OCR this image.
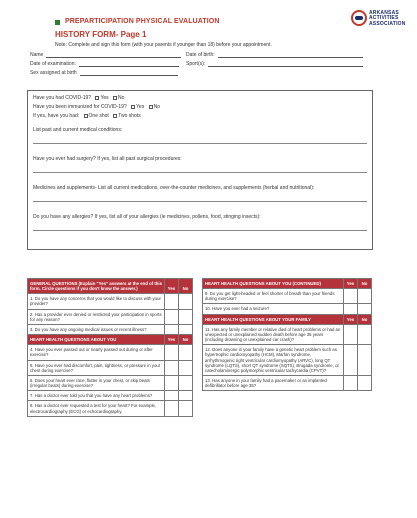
PREPARTICIPATION PHYSICAL EVALUATION
HISTORY FORM- Page 1
Note: Complete and sign this form (with your parents if younger than 18) before your appointment.
ARKANSAS
ACTIVITIES
ASSOCIATION
Name	Date of birth:
Date of examination:	Sport(s):
Sex assigned at birth
Have you had COVID-19? Yes No
Have you been immunized for COVID-19? Yes No
If yes, have you had: One shot Two shots
List past and current medical conditions:
Have you ever had surgery? If yes, list all past surgical procedures:
Medicines and supplements- List all current medications, over-the-counter medicines, and supplements (herbal and nutritional):
Do you have any allergies? If yes, list all of your allergies (ie medicines, pollens, food, stinging insects):
GENERAL QUESTIONS (Explain "Yes" answers at the end of this form. Circle questions if you don't know the answer.)	Yes	No
1. Do you have any concerns that you would like to discuss with your provider?		
2. Has a provider ever denied or restricted your participation in sports for any reason?		
3. Do you have any ongoing medical issues or recent illness?		
HEART HEALTH QUESTIONS ABOUT YOU	Yes	No
4. Have you ever passed out or nearly passed out during or after exercise?		
5. Have you ever had discomfort, pain, tightness, or pressure in your chest during exercise?		
6. Does your heart ever race, flutter in your chest, or skip beats (irregular beats) during exercise?		
7. Has a doctor ever told you that you have any heart problems?		
8. Has a doctor ever requested a test for your heart? For example, electrocardiography (ECG) or echocardiography.		
HEART HEALTH QUESTIONS ABOUT YOU (CONTINUED)	Yes	No
9. Do you get light-headed or feel shorter of breath than your friends during exercise?		
10. Have you ever had a seizure?		
HEART HEALTH QUESTIONS ABOUT YOUR FAMILY	Yes	No
11. Has any family member or relative died of heart problems or had an unexpected or unexplained sudden death before age 35 years (including drowning or unexplained car crash)?		
12. Does anyone in your family have a genetic heart problem such as hypertrophic cardiomyopathy (HCM), Marfan syndrome, arrhythmogenic right ventricular cardiomyopathy (ARVC), long QT syndrome (LQTS), short QT syndrome (SQTS), Brugada syndrome, or catecholaminergic polymorphic ventricular tachycardia (CPVT)?		
13. Has anyone in your family had a pacemaker or an implanted defibrillator before age 35?		
